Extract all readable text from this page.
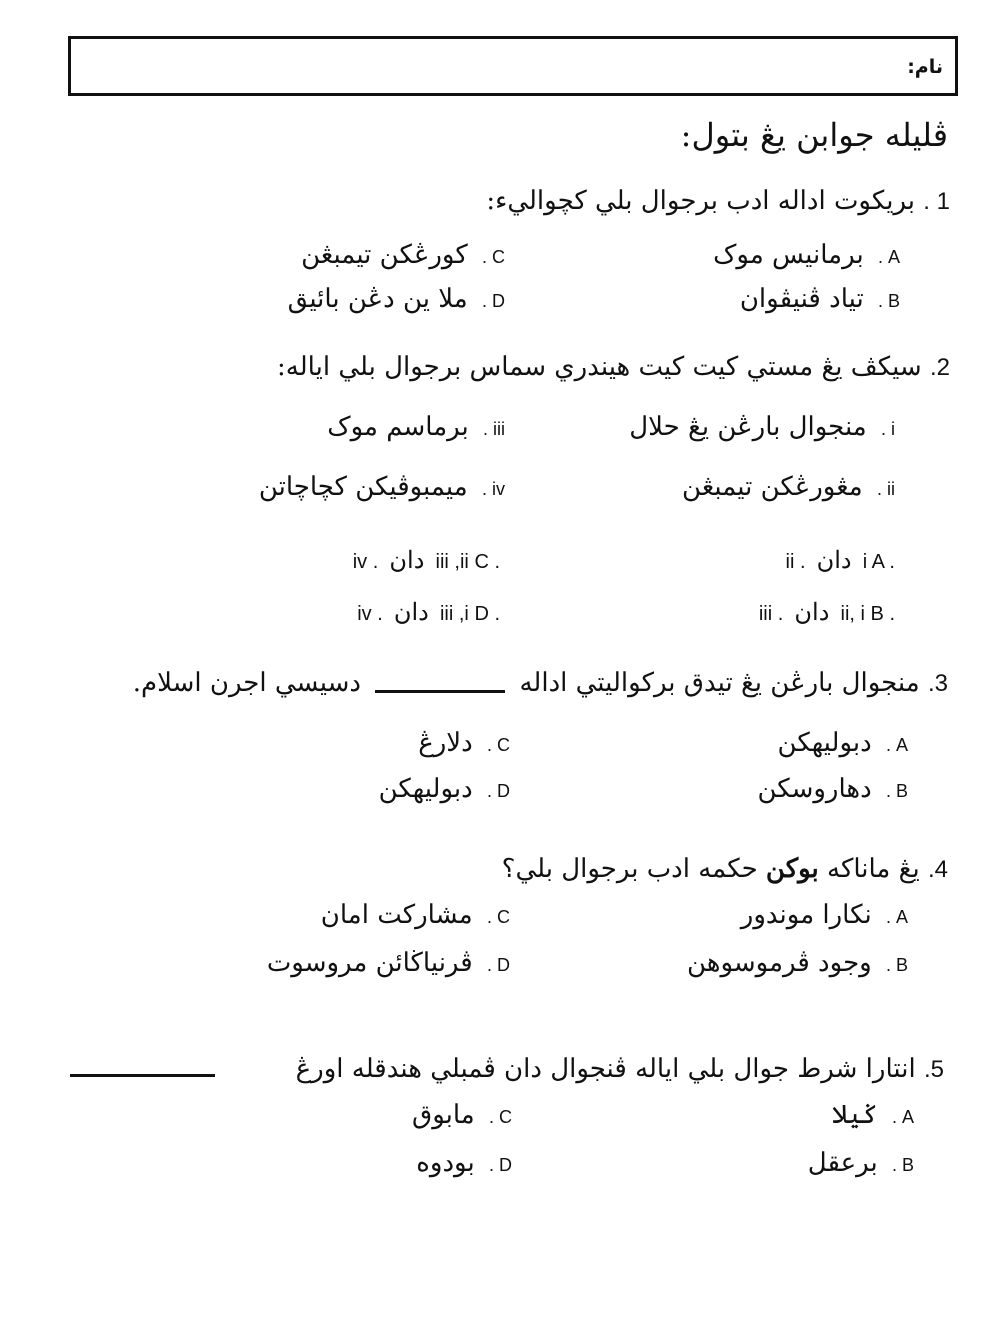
نام:
ڤليله جوابن يڠ بتول:
1 . بريكوت اداله ادب برجوال بلي كچواليء:
A . برمانيس موک
B . تياد ڤنيڤوان
C . كورڠكن تيمبڠن
D . ملا ين دڠن بائيق
2. سيكڤ يڠ مستي كيت كيت هيندري سماس برجوال بلي اياله:
i . منجوال بارڠن يڠ حلال
ii . مڠورڠكن تيمبڠن
iii . برماسم موک
iv . ميمبوڤيكن كچاچاتن
ii . دان i A .
iii . دان ii, i B .
iv . دان iii ,ii C .
iv . دان iii ,i D .
3. منجوال بارڠن يڠ تيدق بركواليتي اداله  دسيسي اجرن اسلام.
A . دبوليهكن
B . دهاروسكن
C . دلارڠ
D . دبوليهكن
4. يڠ ماناكه بوكن حكمه ادب برجوال بلي؟
A . نكارا موندور
B . وجود ڤرموسوهن
C . مشاركت امان
D . ڤرنياڬائن مروسوت
5. انتارا شرط جوال بلي اياله ڤنجوال دان ڤمبلي هندقله اورڠ
A . ݢيلا
B . برعقل
C . مابوق
D . بودوه
